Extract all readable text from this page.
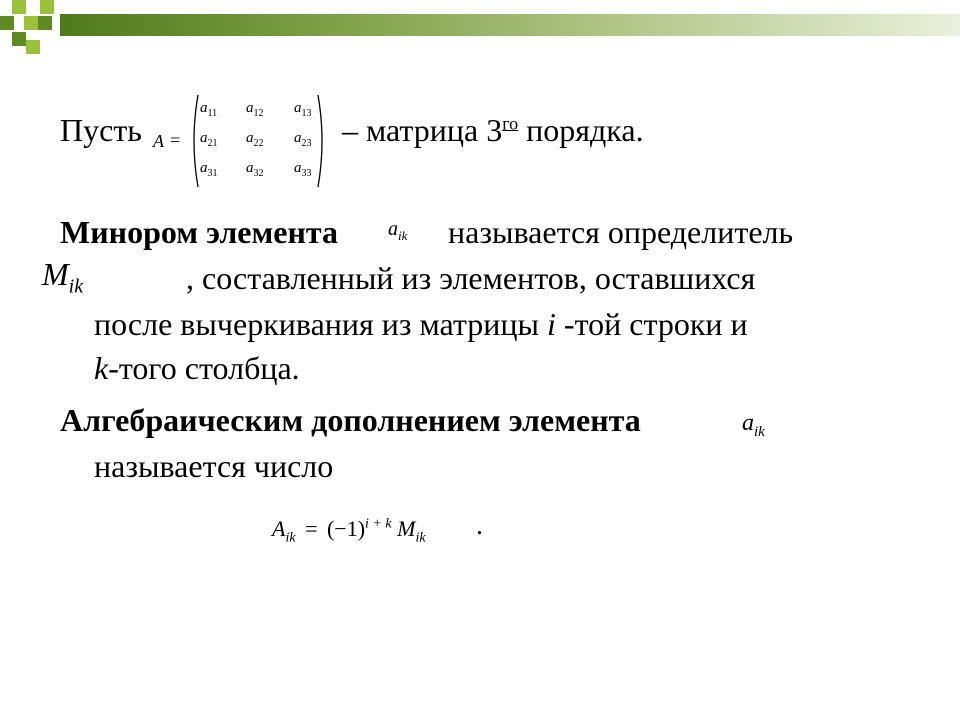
Пусть A =
$a_{11}$ $a_{12}$ $a_{13}$
$a_{21}$ $a_{22}$ $a_{23}$
$a_{31}$ $a_{32}$ $a_{33}$
– матрица $3^{го}$ порядка.
Минором элемента $a_{ik}$ называется определитель
$M_{ik}$	, составленный из элементов, оставшихся
после вычеркивания из матрицы i -той строки и
k-того столбца.
Алгебраическим дополнением элемента	$a_{ik}$
называется число
$A_{ik} = (-1)^{i + k}$ $M_{ik}$ .
